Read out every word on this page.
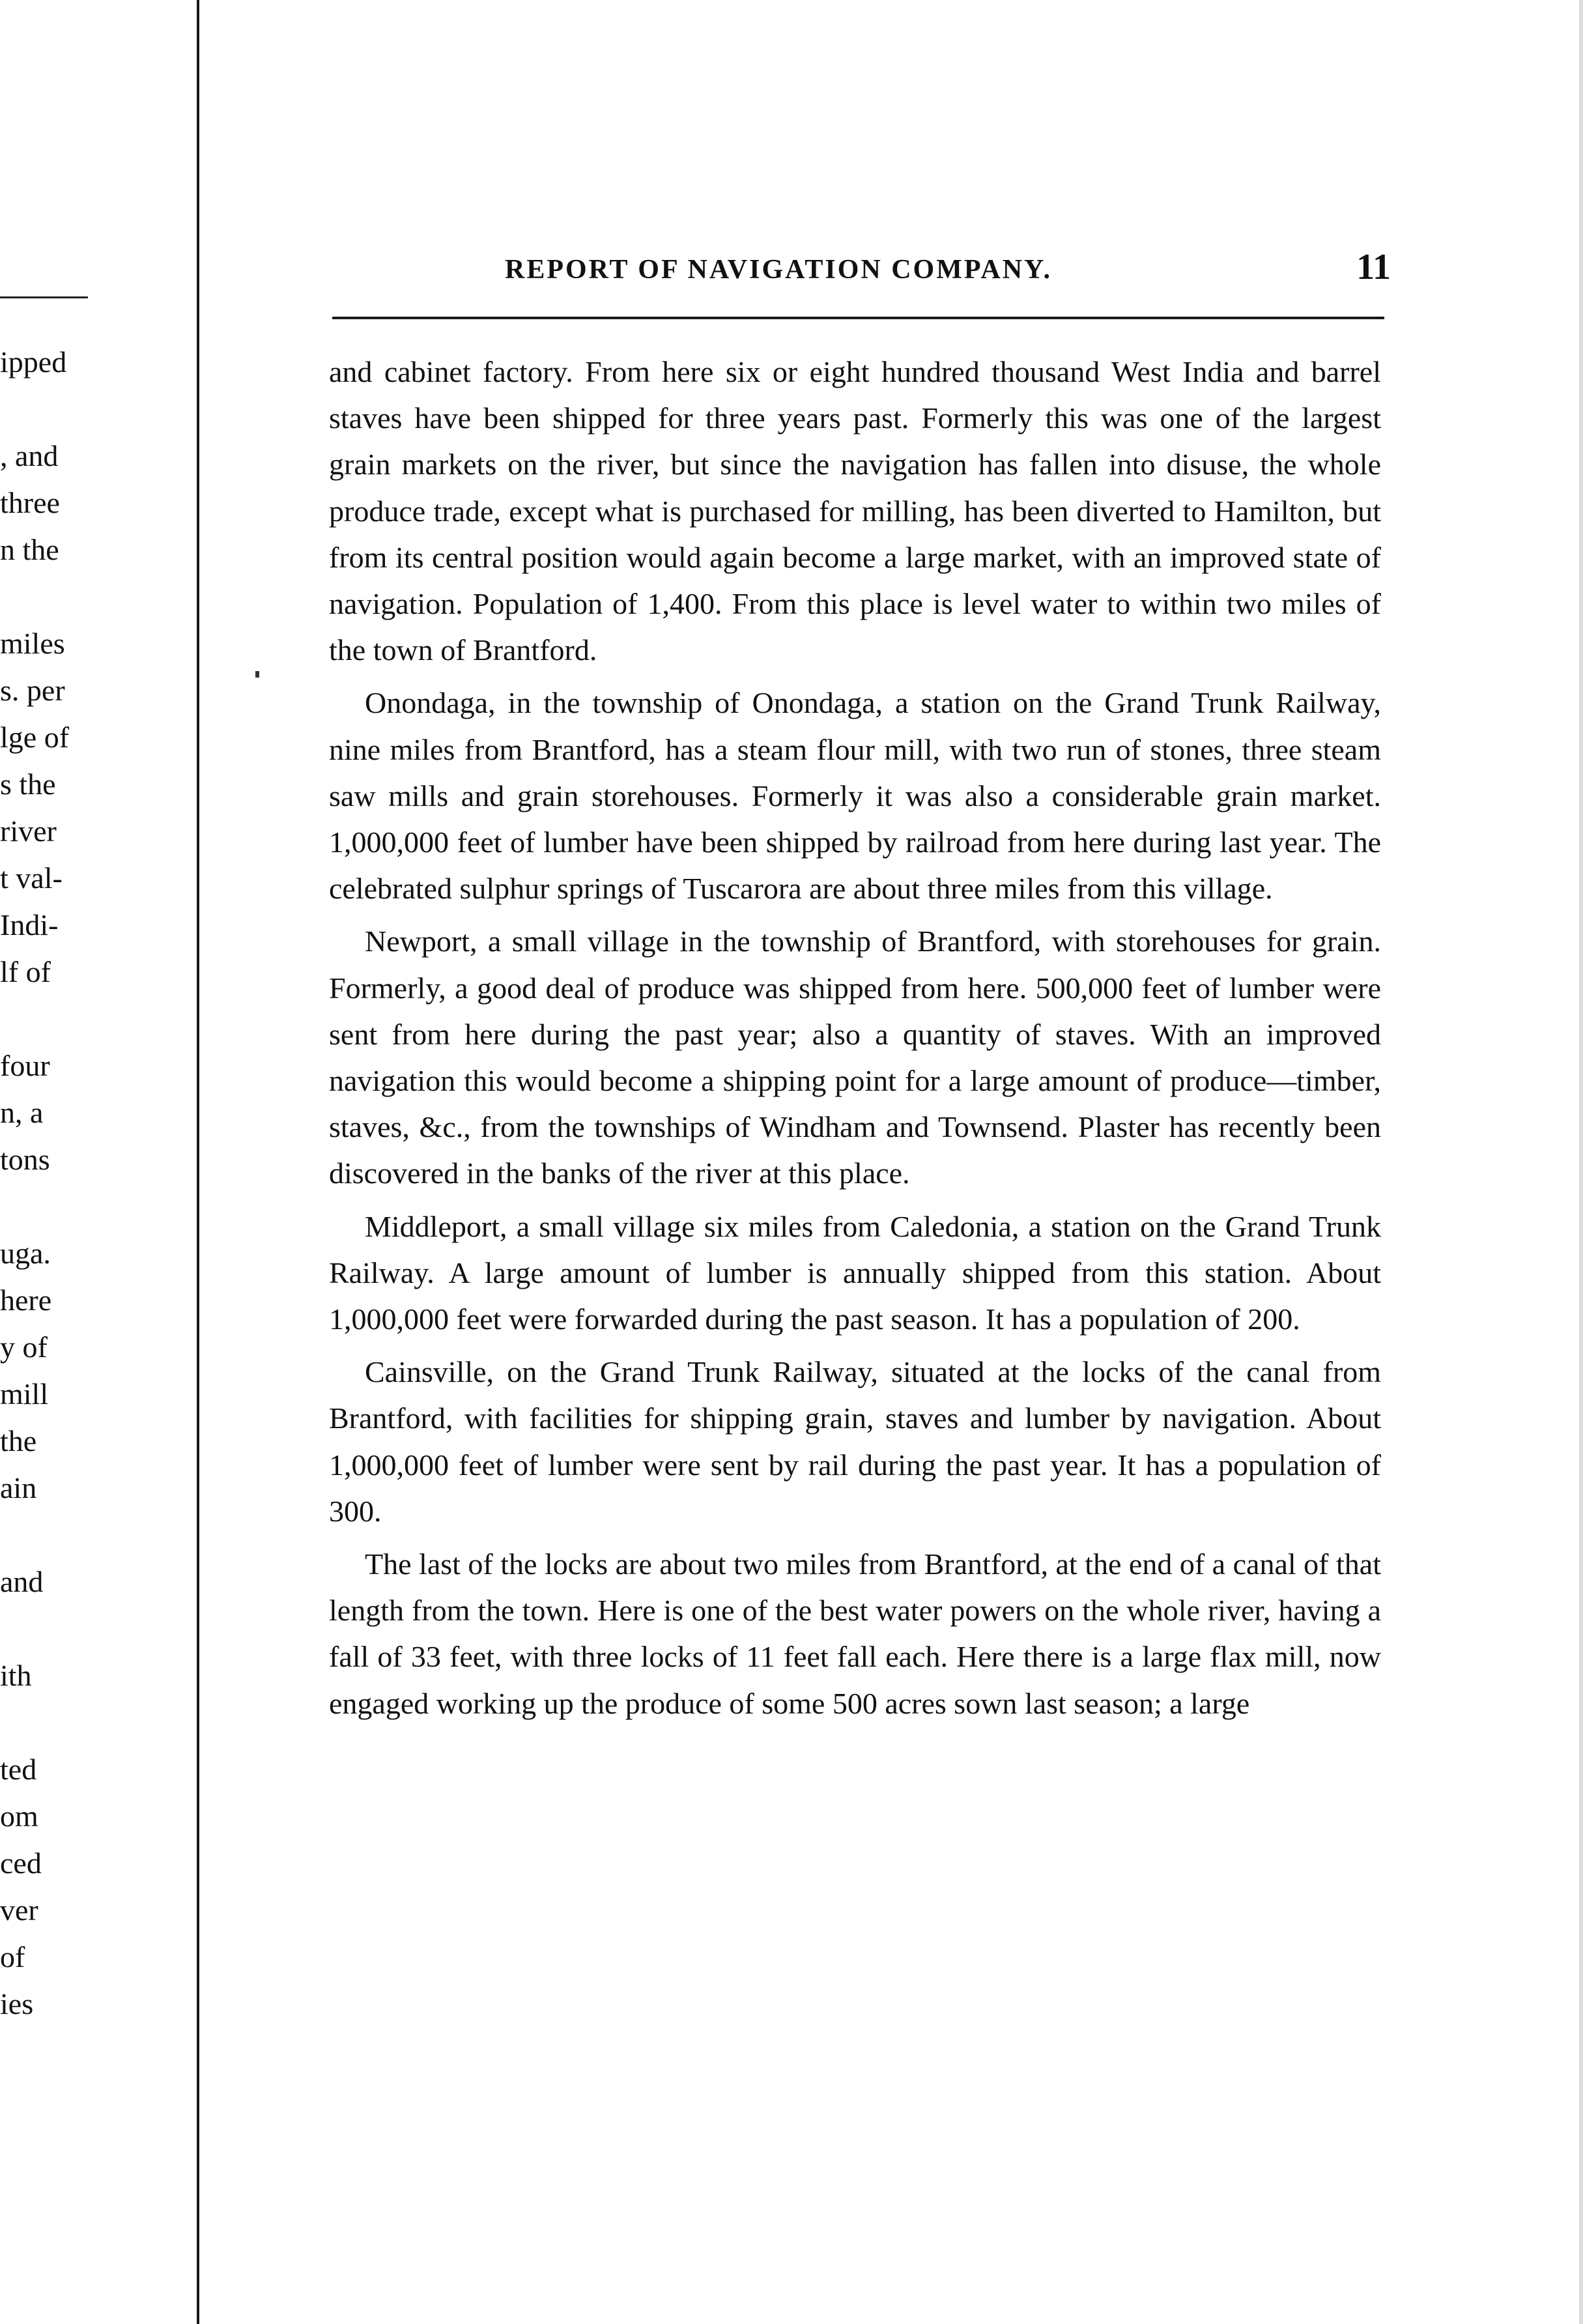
ipped
, and
three
n the
miles
s. per
lge of
s the
river
t val-
Indi-
lf of
four
n, a
tons
uga.
here
y of
mill
the
ain
and
ith
ted
om
ced
ver
of
ies
REPORT OF NAVIGATION COMPANY.	11

and cabinet factory. From here six or eight hundred thousand West India and barrel staves have been shipped for three years past. Formerly this was one of the largest grain markets on the river, but since the navigation has fallen into disuse, the whole produce trade, except what is purchased for milling, has been diverted to Hamilton, but from its central position would again become a large market, with an improved state of navigation. Population of 1,400. From this place is level water to within two miles of the town of Brantford.

Onondaga, in the township of Onondaga, a station on the Grand Trunk Railway, nine miles from Brantford, has a steam flour mill, with two run of stones, three steam saw mills and grain storehouses. Formerly it was also a considerable grain market. 1,000,000 feet of lumber have been shipped by railroad from here during last year. The celebrated sulphur springs of Tuscarora are about three miles from this village.

Newport, a small village in the township of Brantford, with storehouses for grain. Formerly, a good deal of produce was shipped from here. 500,000 feet of lumber were sent from here during the past year; also a quantity of staves. With an improved navigation this would become a shipping point for a large amount of produce—timber, staves, &c., from the townships of Windham and Townsend. Plaster has recently been discovered in the banks of the river at this place.

Middleport, a small village six miles from Caledonia, a station on the Grand Trunk Railway. A large amount of lumber is annually shipped from this station. About 1,000,000 feet were forwarded during the past season. It has a population of 200.

Cainsville, on the Grand Trunk Railway, situated at the locks of the canal from Brantford, with facilities for shipping grain, staves and lumber by navigation. About 1,000,000 feet of lumber were sent by rail during the past year. It has a population of 300.

The last of the locks are about two miles from Brantford, at the end of a canal of that length from the town. Here is one of the best water powers on the whole river, having a fall of 33 feet, with three locks of 11 feet fall each. Here there is a large flax mill, now engaged working up the produce of some 500 acres sown last season; a large
